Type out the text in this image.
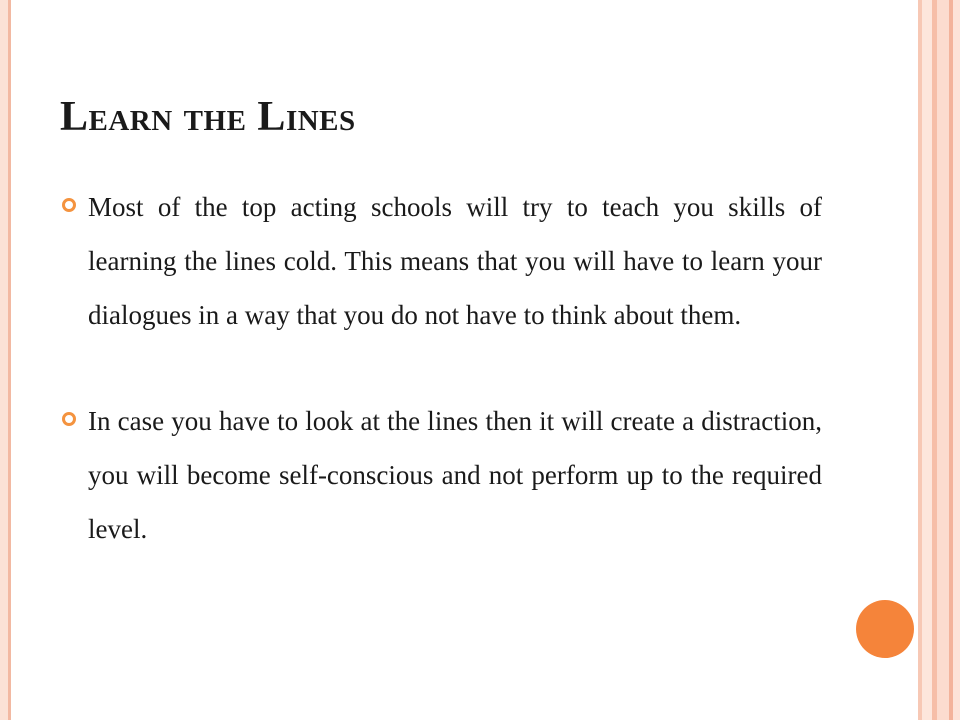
Learn the Lines
Most of the top acting schools will try to teach you skills of learning the lines cold. This means that you will have to learn your dialogues in a way that you do not have to think about them.
In case you have to look at the lines then it will create a distraction, you will become self-conscious and not perform up to the required level.
